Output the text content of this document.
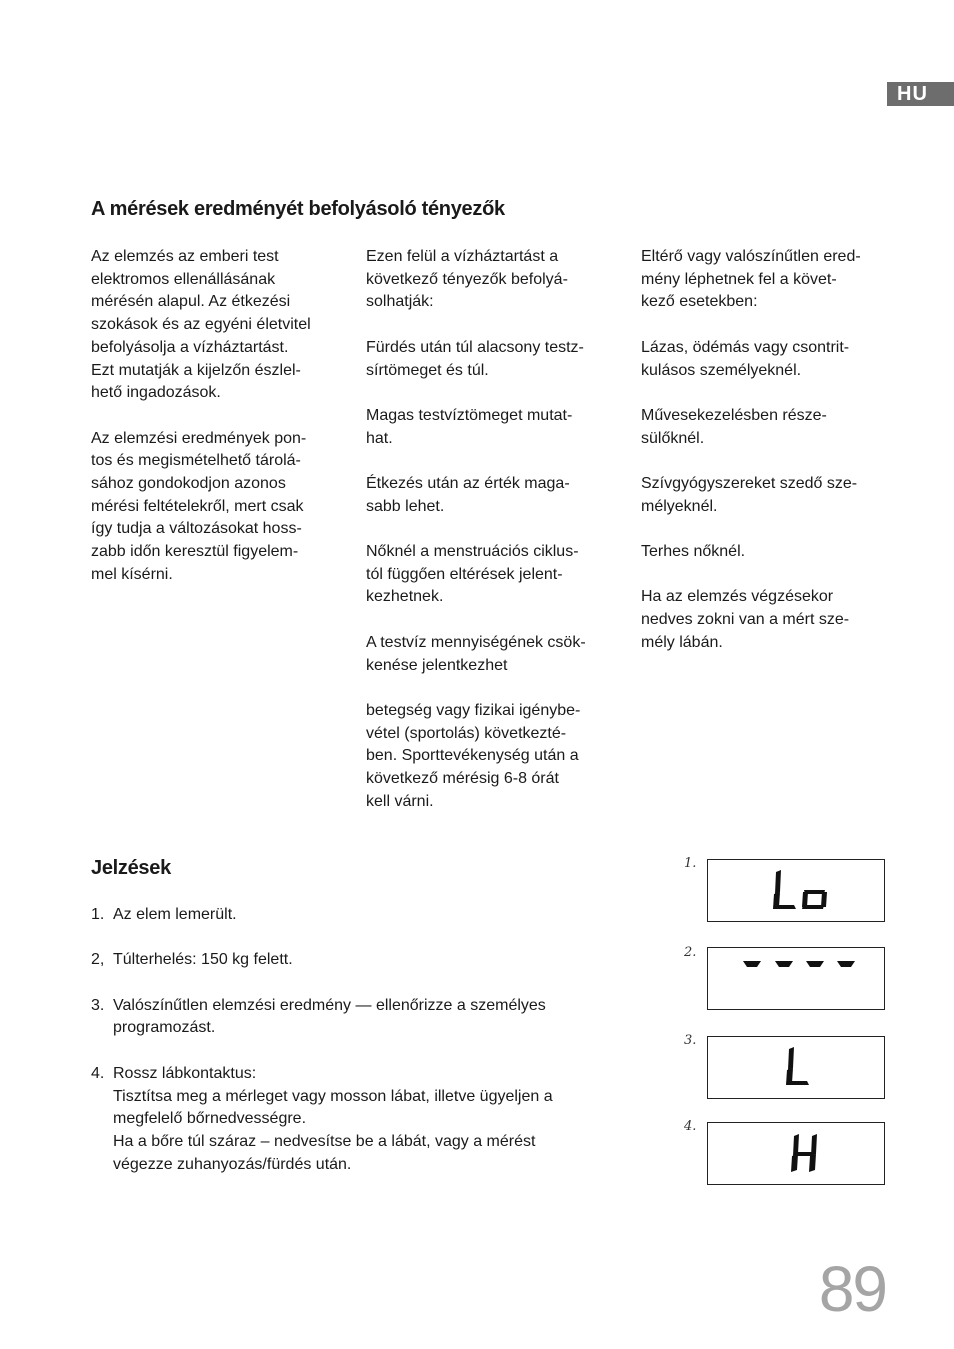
HU
A mérések eredményét befolyásoló tényezők

Az elemzés az emberi test
elektromos ellenállásának
mérésén alapul. Az étkezési
szokások és az egyéni életvitel
befolyásolja a vízháztartást.
Ezt mutatják a kijelzőn észlel-
hető ingadozások.

Az elemzési eredmények pon-
tos és megismételhető tárolá-
sához gondokodjon azonos
mérési feltételekről, mert csak
így tudja a változásokat hoss-
zabb időn keresztül figyelem-
mel kísérni.

Ezen felül a vízháztartást a
következő tényezők befolyá-
solhatják:

Fürdés után túl alacsony testz-
sírtömeget és túl.

Magas testvíztömeget mutat-
hat.

Étkezés után az érték maga-
sabb lehet.

Nőknél a menstruációs ciklus-
tól függően eltérések jelent-
kezhetnek.

A testvíz mennyiségének csök-
kenése jelentkezhet

betegség vagy fizikai igénybe-
vétel (sportolás) következté-
ben. Sporttevékenység után a
következő mérésig 6-8 órát
kell várni.

Eltérő vagy valószínűtlen ered-
mény léphetnek fel a követ-
kező esetekben:

Lázas, ödémás vagy csontrit-
kulásos személyeknél.

Művesekezelésben része-
sülőknél.

Szívgyógyszereket szedő sze-
mélyeknél.

Terhes nőknél.

Ha az elemzés végzésekor
nedves zokni van a mért sze-
mély lábán.

Jelzések
1. Az elem lemerült.
2, Túlterhelés: 150 kg felett.
3. Valószínűtlen elemzési eredmény — ellenőrizze a személyes
programozást.
4. Rossz lábkontaktus:
Tisztítsa meg a mérleget vagy mosson lábat, illetve ügyeljen a
megfelelő bőrnedvességre.
Ha a bőre túl száraz – nedvesítse be a lábát, vagy a mérést
végezze zuhanyozás/fürdés után.
1.
2.
3.
4.
89
